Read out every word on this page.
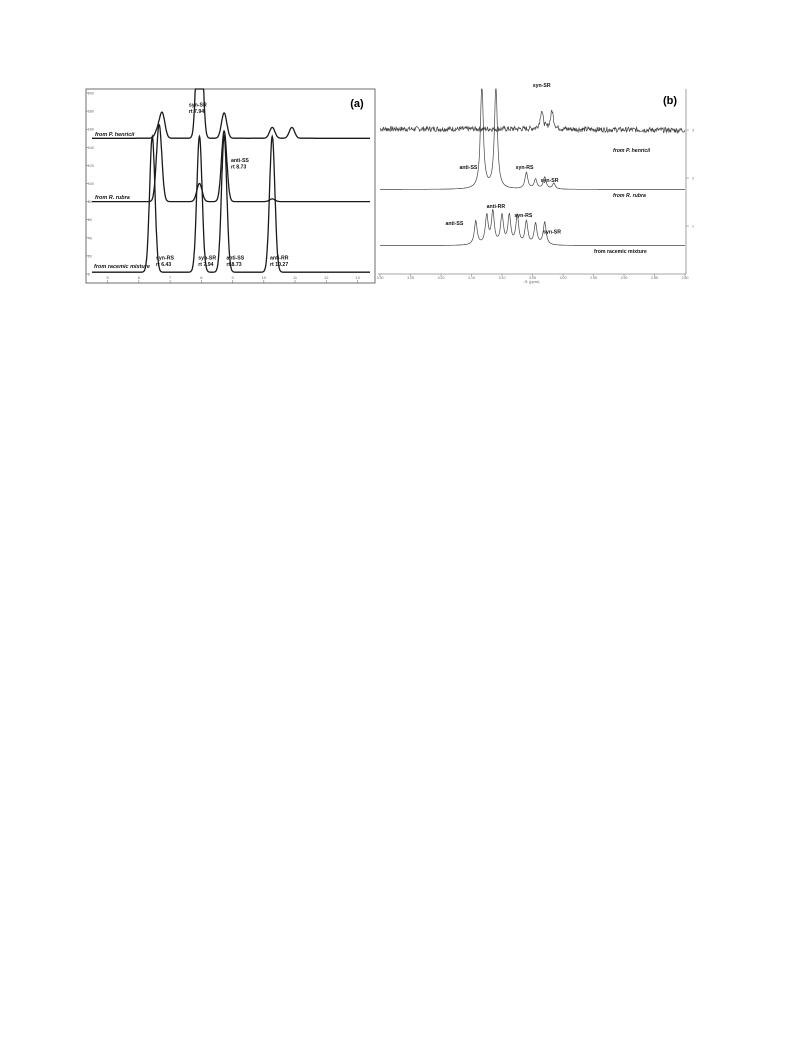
(a)
0
20
40
60
80
100
120
140
160
180
200
5	6	7	8	9	10	11	12	13
from P. henricii
from R. rubra
from racemic mixture
syn-SR
rt 7.94
anti-SS
rt 8.73
syn-RS
rt 6.43
syn-SR
rt 7.94
anti-SS
rt 8.73
anti-RR
rt 10.27
(b)
f1 (ppm)
3
2
1
3.30	3.25	3.20	3.15	3.10	3.05	3.00	2.95	2.90	2.85	2.80
from P. henricii
from R. rubra
from racemic mixture
syn-SR
anti-SS	syn-RS
syn-SR
anti-RR
syn-RS
anti-SS
syn-SR
